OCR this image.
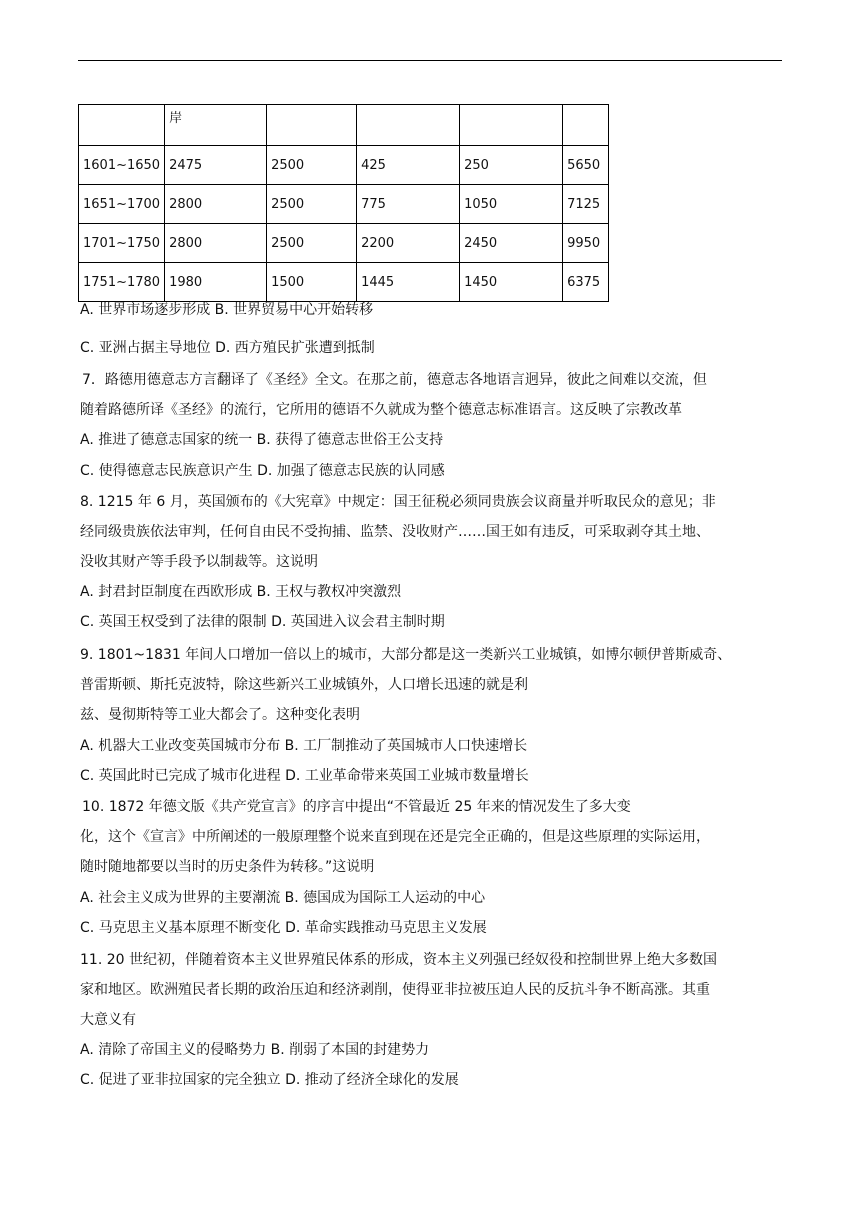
	岸				
1601~1650	2475	2500	425	250	5650
1651~1700	2800	2500	775	1050	7125
1701~1750	2800	2500	2200	2450	9950
1751~1780	1980	1500	1445	1450	6375
A. 世界市场逐步形成 B. 世界贸易中心开始转移
C. 亚洲占据主导地位 D. 西方殖民扩张遭到抵制
7．路德用德意志方言翻译了《圣经》全文。在那之前，德意志各地语言迥异，彼此之间难以交流，但
随着路德所译《圣经》的流行，它所用的德语不久就成为整个德意志标准语言。这反映了宗教改革
A. 推进了德意志国家的统一 B. 获得了德意志世俗王公支持
C. 使得德意志民族意识产生 D. 加强了德意志民族的认同感
8. 1215 年 6 月，英国颁布的《大宪章》中规定：国王征税必须同贵族会议商量并听取民众的意见；非
经同级贵族依法审判，任何自由民不受拘捕、监禁、没收财产……国王如有违反，可采取剥夺其土地、
没收其财产等手段予以制裁等。这说明
A. 封君封臣制度在西欧形成 B. 王权与教权冲突激烈
C. 英国王权受到了法律的限制 D. 英国进入议会君主制时期
9. 1801~1831 年间人口增加一倍以上的城市，大部分都是这一类新兴工业城镇，如博尔顿伊普斯威奇、
普雷斯顿、斯托克波特，除这些新兴工业城镇外，人口增长迅速的就是利
兹、曼彻斯特等工业大都会了。这种变化表明
A. 机器大工业改变英国城市分布 B. 工厂制推动了英国城市人口快速增长
C. 英国此时已完成了城市化进程 D. 工业革命带来英国工业城市数量增长
10. 1872 年德文版《共产党宣言》的序言中提出“不管最近 25 年来的情况发生了多大变
化，这个《宣言》中所阐述的一般原理整个说来直到现在还是完全正确的，但是这些原理的实际运用，
随时随地都要以当时的历史条件为转移。”这说明
A. 社会主义成为世界的主要潮流 B. 德国成为国际工人运动的中心
C. 马克思主义基本原理不断变化 D. 革命实践推动马克思主义发展
11. 20 世纪初，伴随着资本主义世界殖民体系的形成，资本主义列强已经奴役和控制世界上绝大多数国
家和地区。欧洲殖民者长期的政治压迫和经济剥削，使得亚非拉被压迫人民的反抗斗争不断高涨。其重
大意义有
A. 清除了帝国主义的侵略势力 B. 削弱了本国的封建势力
C. 促进了亚非拉国家的完全独立 D. 推动了经济全球化的发展
